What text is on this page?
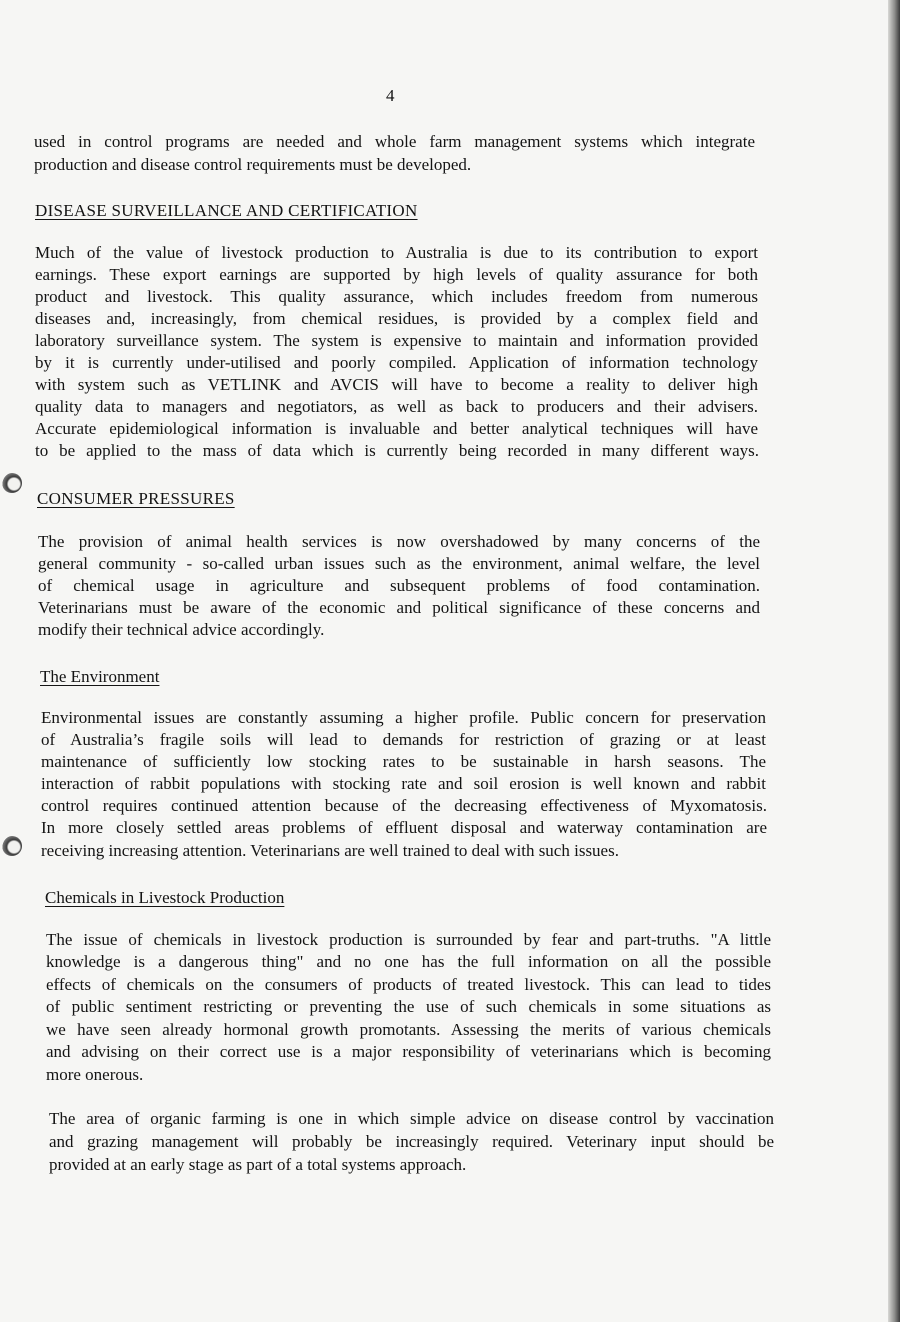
4

used in control programs are needed and whole farm management systems which integrate

production and disease control requirements must be developed.

DISEASE SURVEILLANCE AND CERTIFICATION

Much of the value of livestock production to Australia is due to its contribution to export

earnings. These export earnings are supported by high levels of quality assurance for both

product and livestock. This quality assurance, which includes freedom from numerous

diseases and, increasingly, from chemical residues, is provided by a complex field and

laboratory surveillance system. The system is expensive to maintain and information provided

by it is currently under-utilised and poorly compiled. Application of information technology

with system such as VETLINK and AVCIS will have to become a reality to deliver high

quality data to managers and negotiators, as well as back to producers and their advisers.

Accurate epidemiological information is invaluable and better analytical techniques will have

to be applied to the mass of data which is currently being recorded in many different ways.

CONSUMER PRESSURES

The provision of animal health services is now overshadowed by many concerns of the

general community - so-called urban issues such as the environment, animal welfare, the level

of chemical usage in agriculture and subsequent problems of food contamination.

Veterinarians must be aware of the economic and political significance of these concerns and

modify their technical advice accordingly.

The Environment

Environmental issues are constantly assuming a higher profile. Public concern for preservation

of Australia’s fragile soils will lead to demands for restriction of grazing or at least

maintenance of sufficiently low stocking rates to be sustainable in harsh seasons. The

interaction of rabbit populations with stocking rate and soil erosion is well known and rabbit

control requires continued attention because of the decreasing effectiveness of Myxomatosis.

In more closely settled areas problems of effluent disposal and waterway contamination are

receiving increasing attention. Veterinarians are well trained to deal with such issues.

Chemicals in Livestock Production

The issue of chemicals in livestock production is surrounded by fear and part-truths. "A little

knowledge is a dangerous thing" and no one has the full information on all the possible

effects of chemicals on the consumers of products of treated livestock. This can lead to tides

of public sentiment restricting or preventing the use of such chemicals in some situations as

we have seen already hormonal growth promotants. Assessing the merits of various chemicals

and advising on their correct use is a major responsibility of veterinarians which is becoming

more onerous.

The area of organic farming is one in which simple advice on disease control by vaccination

and grazing management will probably be increasingly required. Veterinary input should be

provided at an early stage as part of a total systems approach.
